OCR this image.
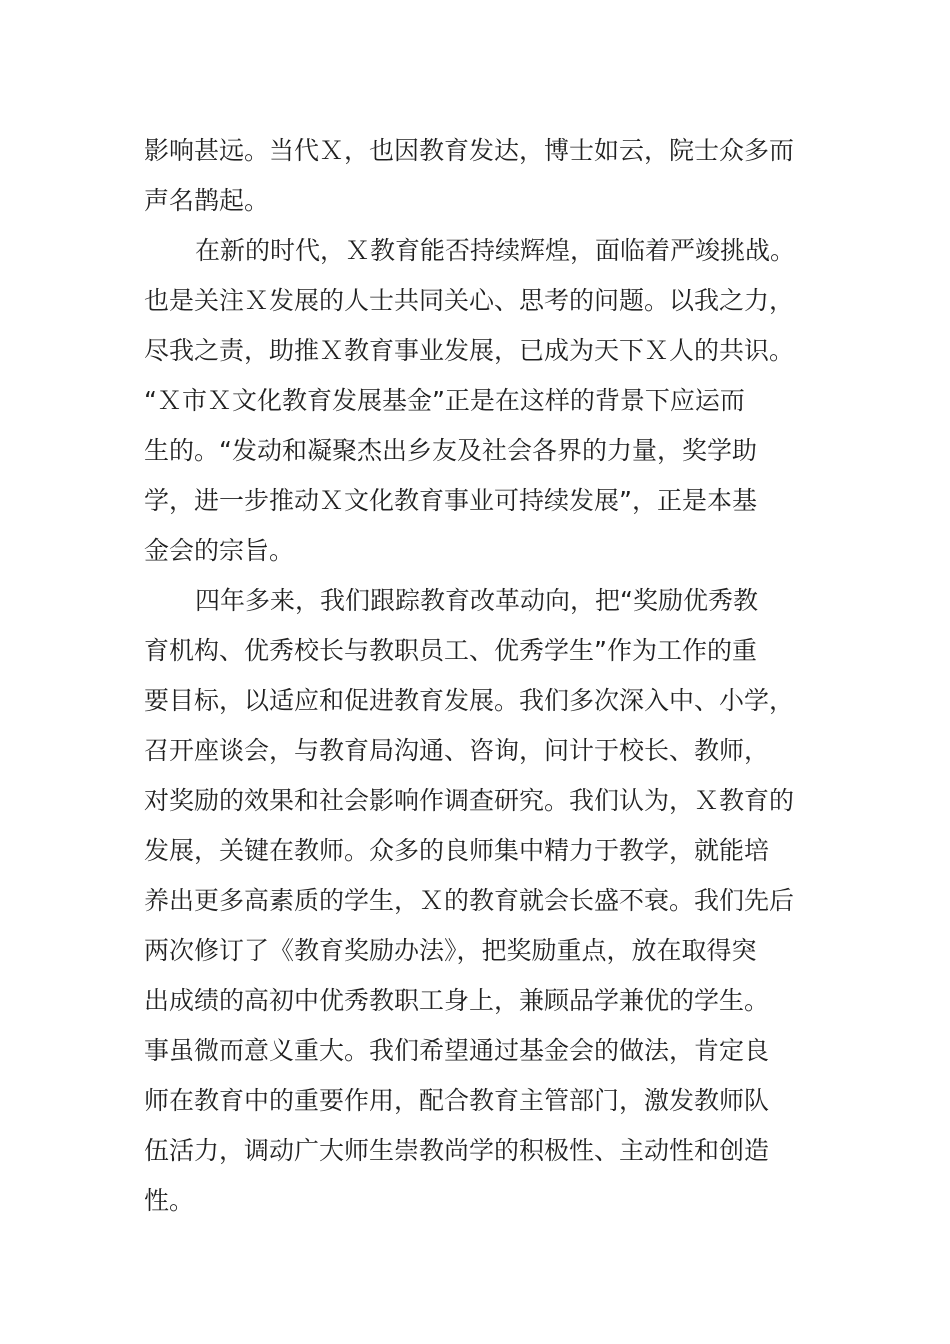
影响甚远。当代Ｘ，也因教育发达，博士如云，院士众多而
声名鹊起。
在新的时代，Ｘ教育能否持续辉煌，面临着严竣挑战。
也是关注Ｘ发展的人士共同关心、思考的问题。以我之力，
尽我之责，助推Ｘ教育事业发展，已成为天下Ｘ人的共识。
“Ｘ市Ｘ文化教育发展基金”正是在这样的背景下应运而
生的。“发动和凝聚杰出乡友及社会各界的力量，奖学助
学，进一步推动Ｘ文化教育事业可持续发展”，正是本基
金会的宗旨。
四年多来，我们跟踪教育改革动向，把“奖励优秀教
育机构、优秀校长与教职员工、优秀学生”作为工作的重
要目标，以适应和促进教育发展。我们多次深入中、小学，
召开座谈会，与教育局沟通、咨询，问计于校长、教师，
对奖励的效果和社会影响作调查研究。我们认为，Ｘ教育的
发展，关键在教师。众多的良师集中精力于教学，就能培
养出更多高素质的学生，Ｘ的教育就会长盛不衰。我们先后
两次修订了《教育奖励办法》，把奖励重点，放在取得突
出成绩的高初中优秀教职工身上，兼顾品学兼优的学生。
事虽微而意义重大。我们希望通过基金会的做法，肯定良
师在教育中的重要作用，配合教育主管部门，激发教师队
伍活力，调动广大师生崇教尚学的积极性、主动性和创造
性。
